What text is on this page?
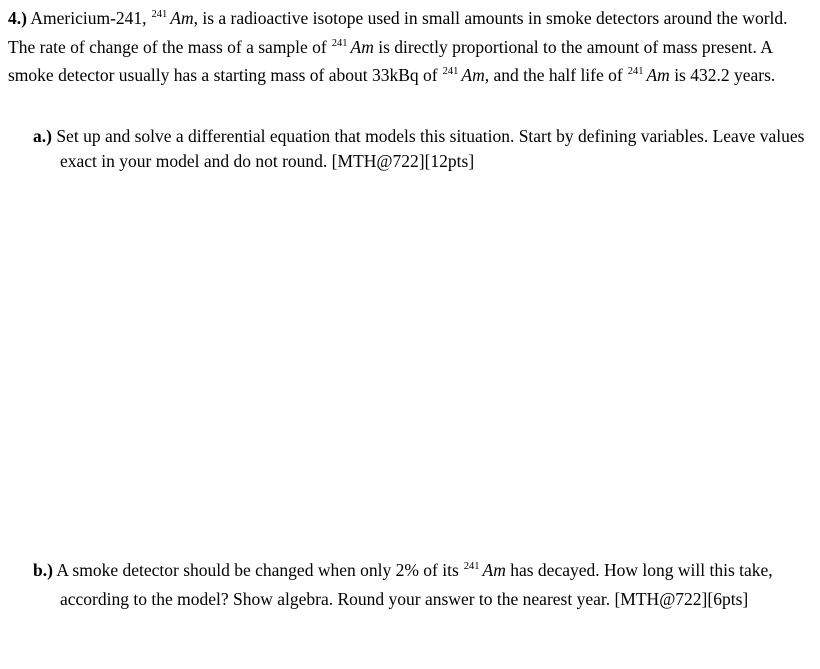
4.) Americium-241, $^{241}$ Am, is a radioactive isotope used in small amounts in smoke detectors around the world. The rate of change of the mass of a sample of $^{241}$ Am is directly proportional to the amount of mass present. A smoke detector usually has a starting mass of about 33kBq of $^{241}$ Am, and the half life of $^{241}$ Am is 432.2 years.

a.) Set up and solve a differential equation that models this situation. Start by defining variables. Leave values exact in your model and do not round. [MTH@722][12pts]

b.) A smoke detector should be changed when only 2% of its $^{241}$ Am has decayed. How long will this take, according to the model? Show algebra. Round your answer to the nearest year. [MTH@722][6pts]
